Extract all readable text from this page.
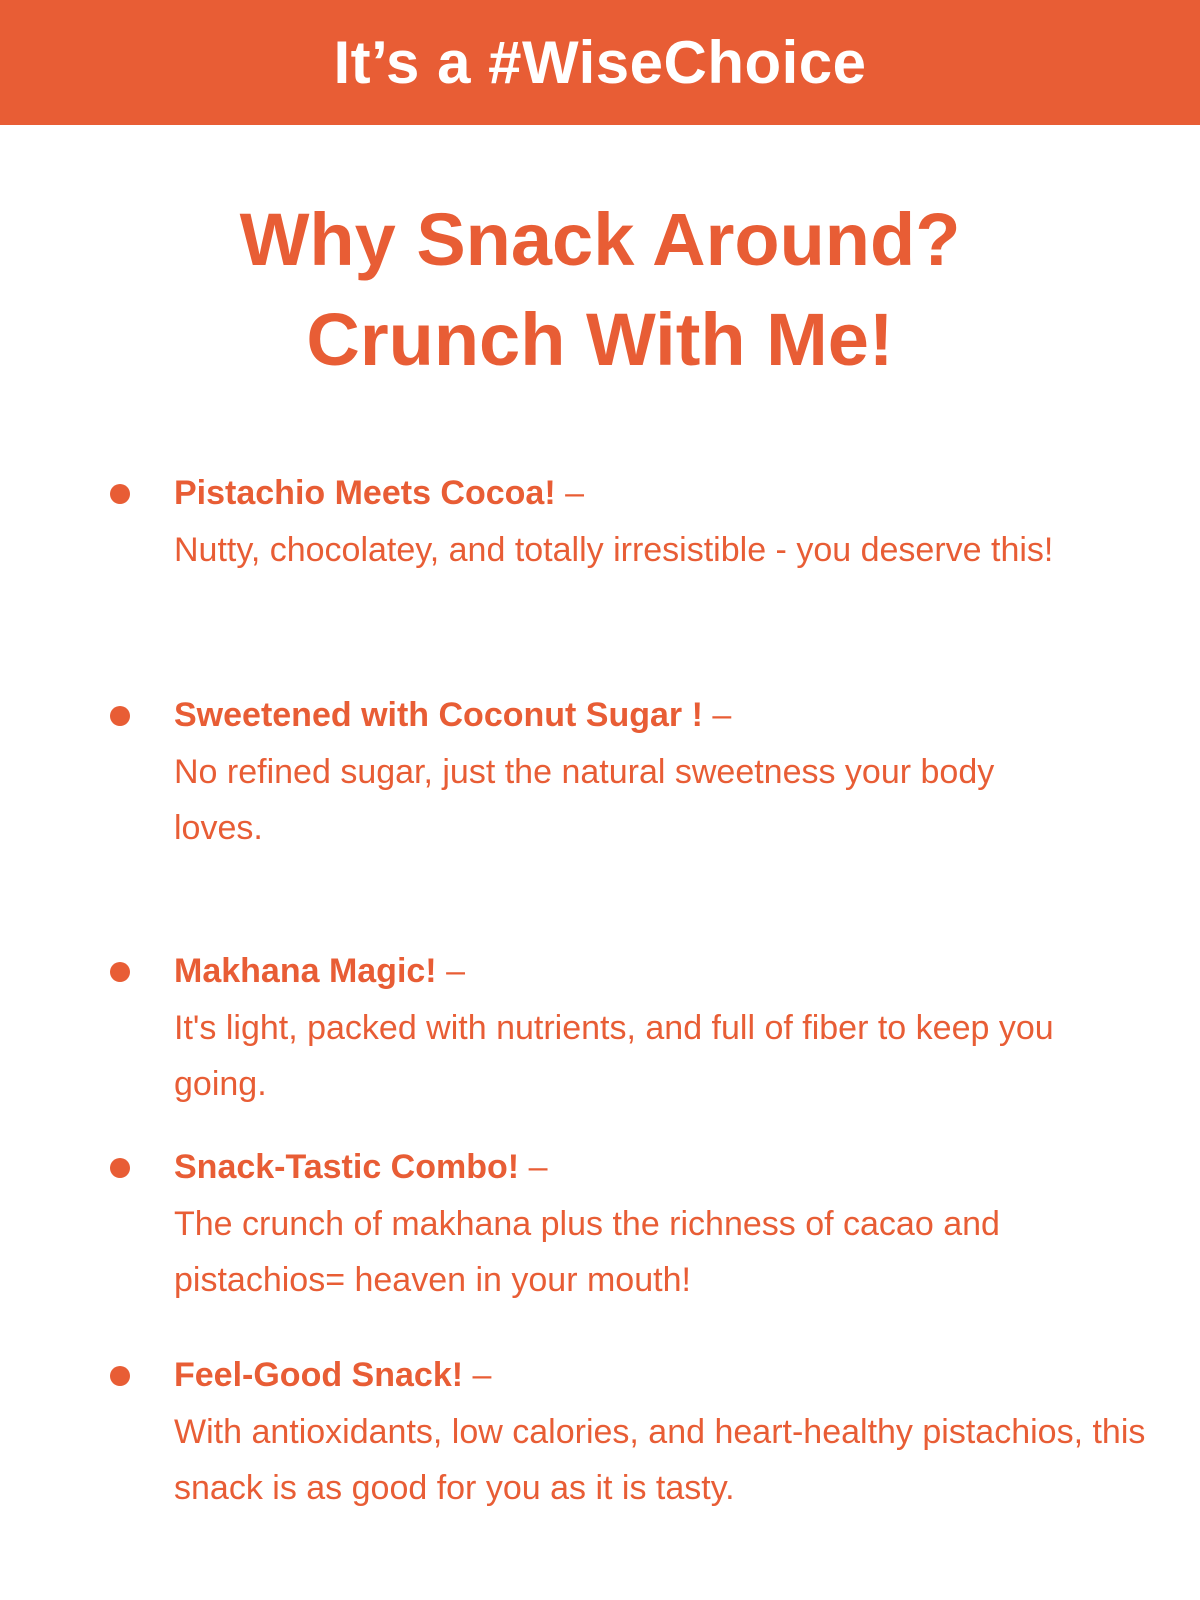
It’s a #WiseChoice
Why Snack Around?
Crunch With Me!
Pistachio Meets Cocoa! –
Nutty, chocolatey, and totally irresistible - you deserve this!
Sweetened with Coconut Sugar ! –
No refined sugar, just the natural sweetness your body loves.
Makhana Magic! –
It's light, packed with nutrients, and full of fiber to keep you going.
Snack-Tastic Combo! –
The crunch of makhana plus the richness of cacao and pistachios= heaven in your mouth!
Feel-Good Snack! –
With antioxidants, low calories, and heart-healthy pistachios, this snack is as good for you as it is tasty.
